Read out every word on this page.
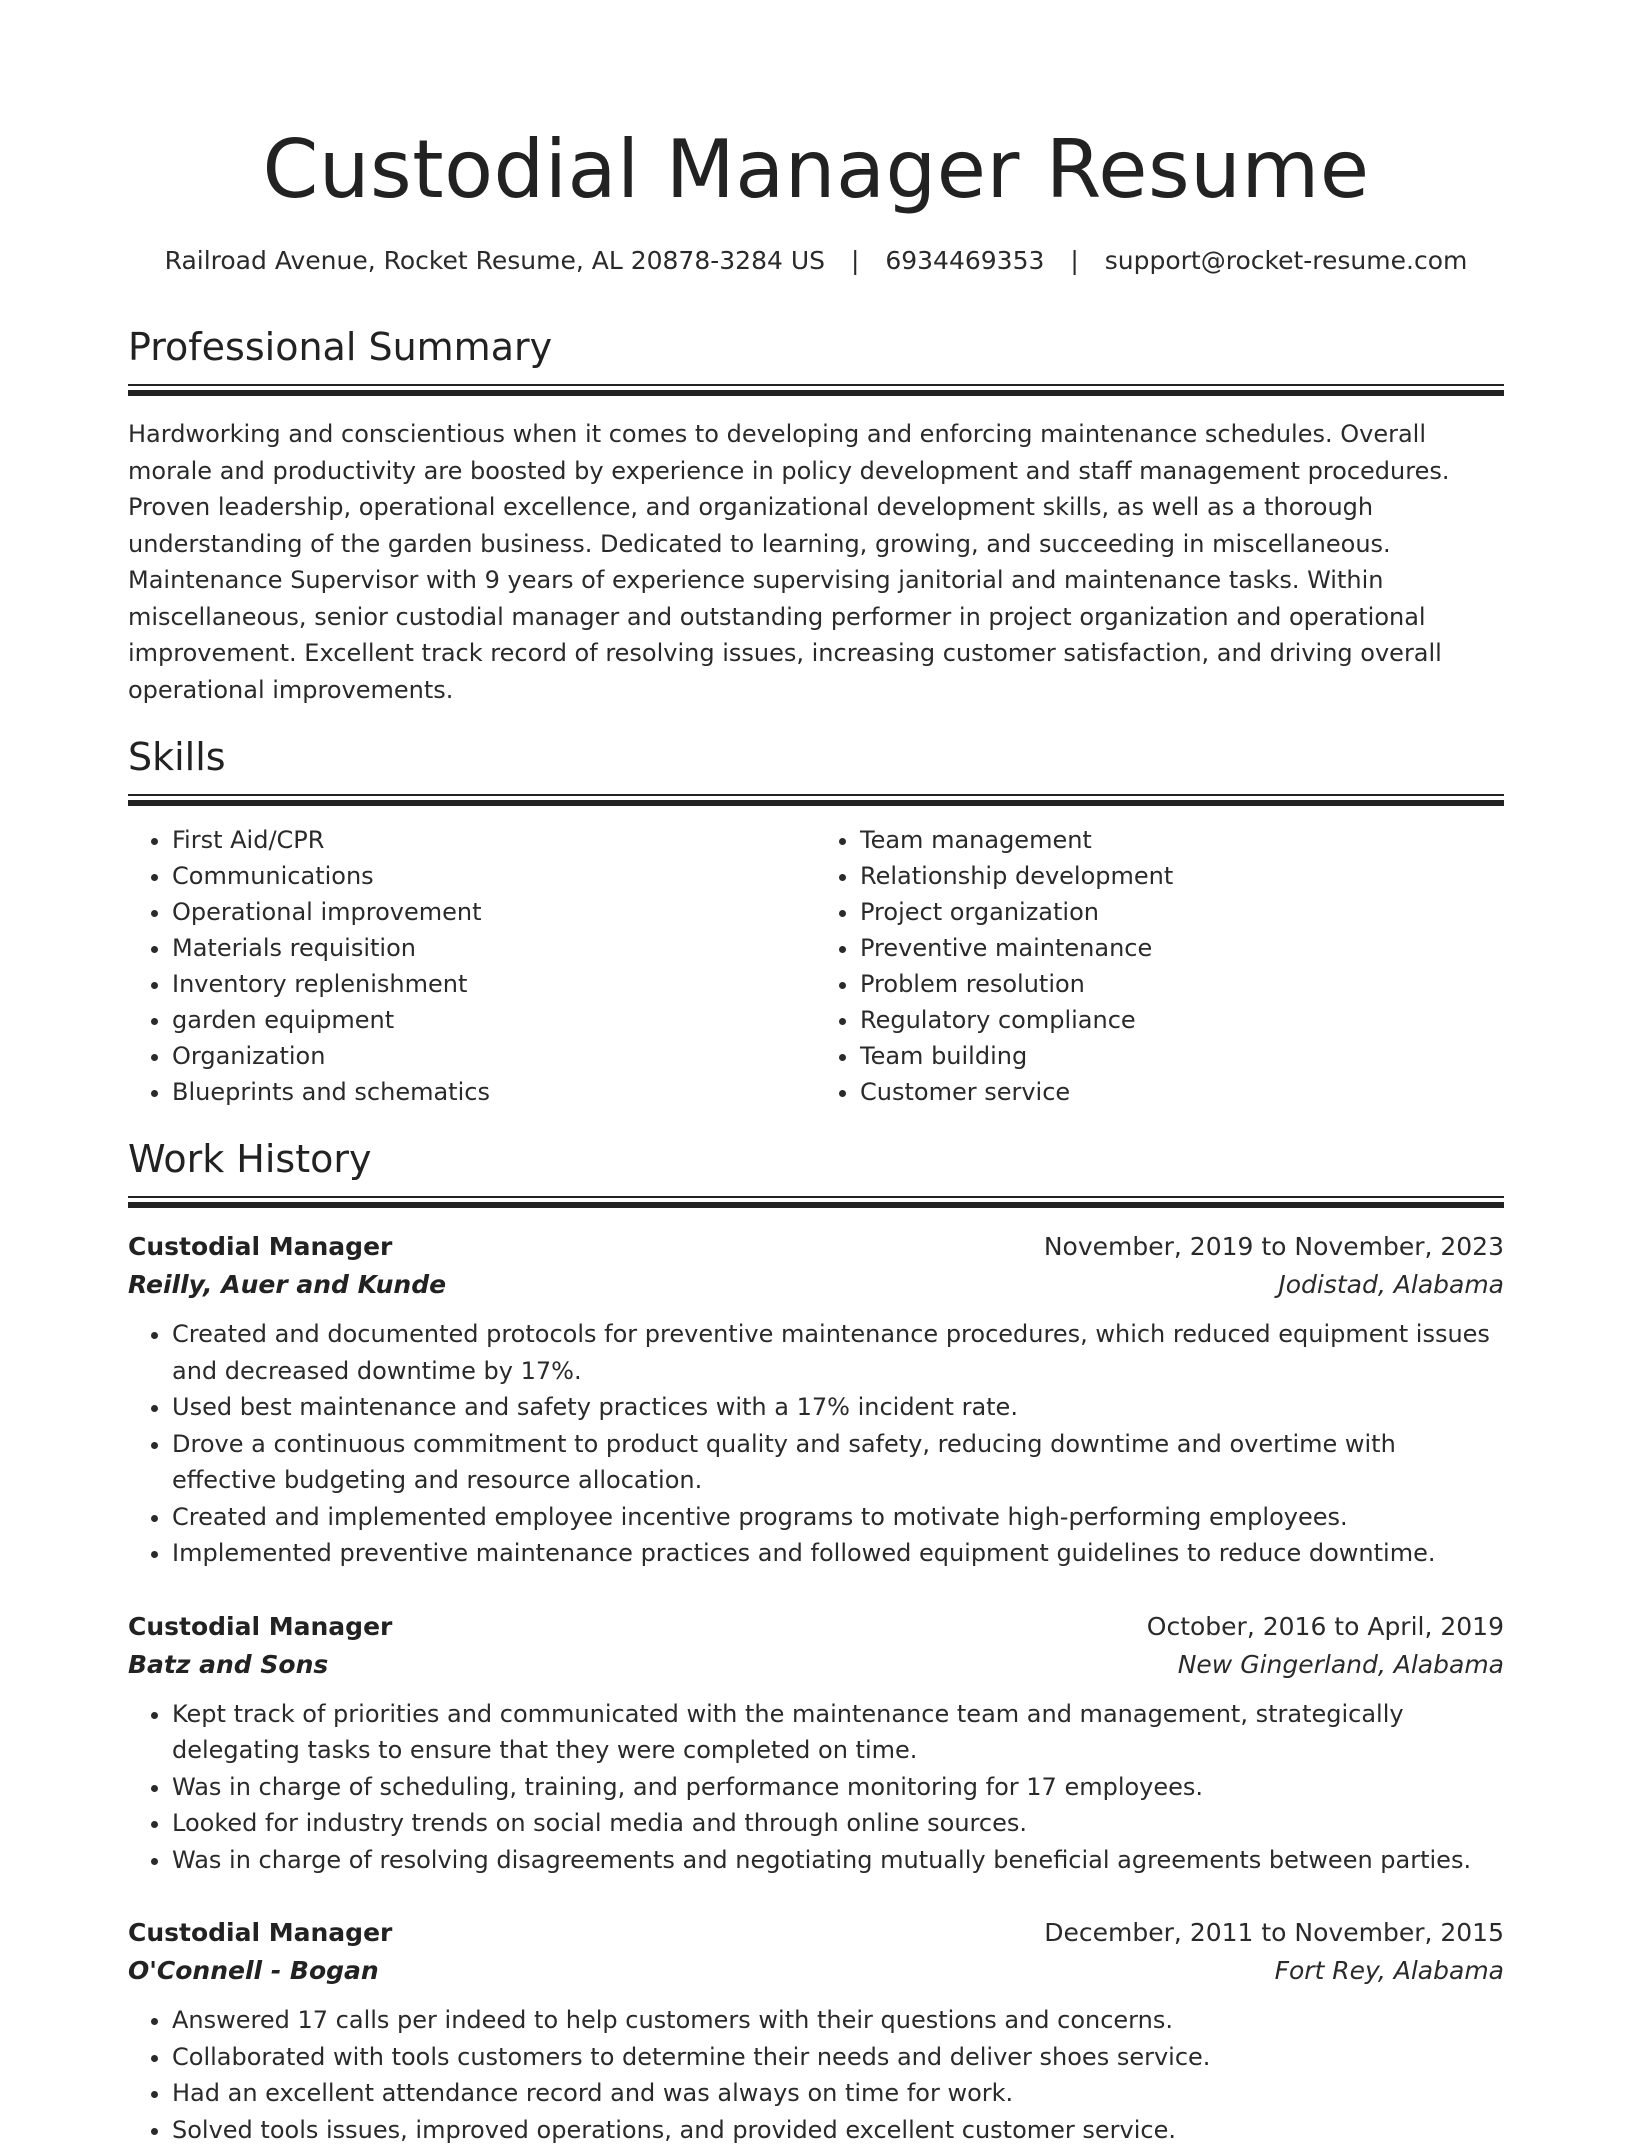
Custodial Manager Resume
Railroad Avenue, Rocket Resume, AL 20878-3284 US | 6934469353 | support@rocket-resume.com
Professional Summary

Hardworking and conscientious when it comes to developing and enforcing maintenance schedules. Overall morale and productivity are boosted by experience in policy development and staff management procedures. Proven leadership, operational excellence, and organizational development skills, as well as a thorough understanding of the garden business. Dedicated to learning, growing, and succeeding in miscellaneous. Maintenance Supervisor with 9 years of experience supervising janitorial and maintenance tasks. Within miscellaneous, senior custodial manager and outstanding performer in project organization and operational improvement. Excellent track record of resolving issues, increasing customer satisfaction, and driving overall operational improvements.

Skills
• First Aid/CPR
• Communications
• Operational improvement
• Materials requisition
• Inventory replenishment
• garden equipment
• Organization
• Blueprints and schematics
• Team management
• Relationship development
• Project organization
• Preventive maintenance
• Problem resolution
• Regulatory compliance
• Team building
• Customer service
Work History
Custodial Manager	November, 2019 to November, 2023
Reilly, Auer and Kunde	Jodistad, Alabama
• Created and documented protocols for preventive maintenance procedures, which reduced equipment issues and decreased downtime by 17%.
• Used best maintenance and safety practices with a 17% incident rate.
• Drove a continuous commitment to product quality and safety, reducing downtime and overtime with effective budgeting and resource allocation.
• Created and implemented employee incentive programs to motivate high-performing employees.
• Implemented preventive maintenance practices and followed equipment guidelines to reduce downtime.
Custodial Manager	October, 2016 to April, 2019
Batz and Sons	New Gingerland, Alabama
• Kept track of priorities and communicated with the maintenance team and management, strategically delegating tasks to ensure that they were completed on time.
• Was in charge of scheduling, training, and performance monitoring for 17 employees.
• Looked for industry trends on social media and through online sources.
• Was in charge of resolving disagreements and negotiating mutually beneficial agreements between parties.
Custodial Manager	December, 2011 to November, 2015
O'Connell - Bogan	Fort Rey, Alabama
• Answered 17 calls per indeed to help customers with their questions and concerns.
• Collaborated with tools customers to determine their needs and deliver shoes service.
• Had an excellent attendance record and was always on time for work.
• Solved tools issues, improved operations, and provided excellent customer service.
